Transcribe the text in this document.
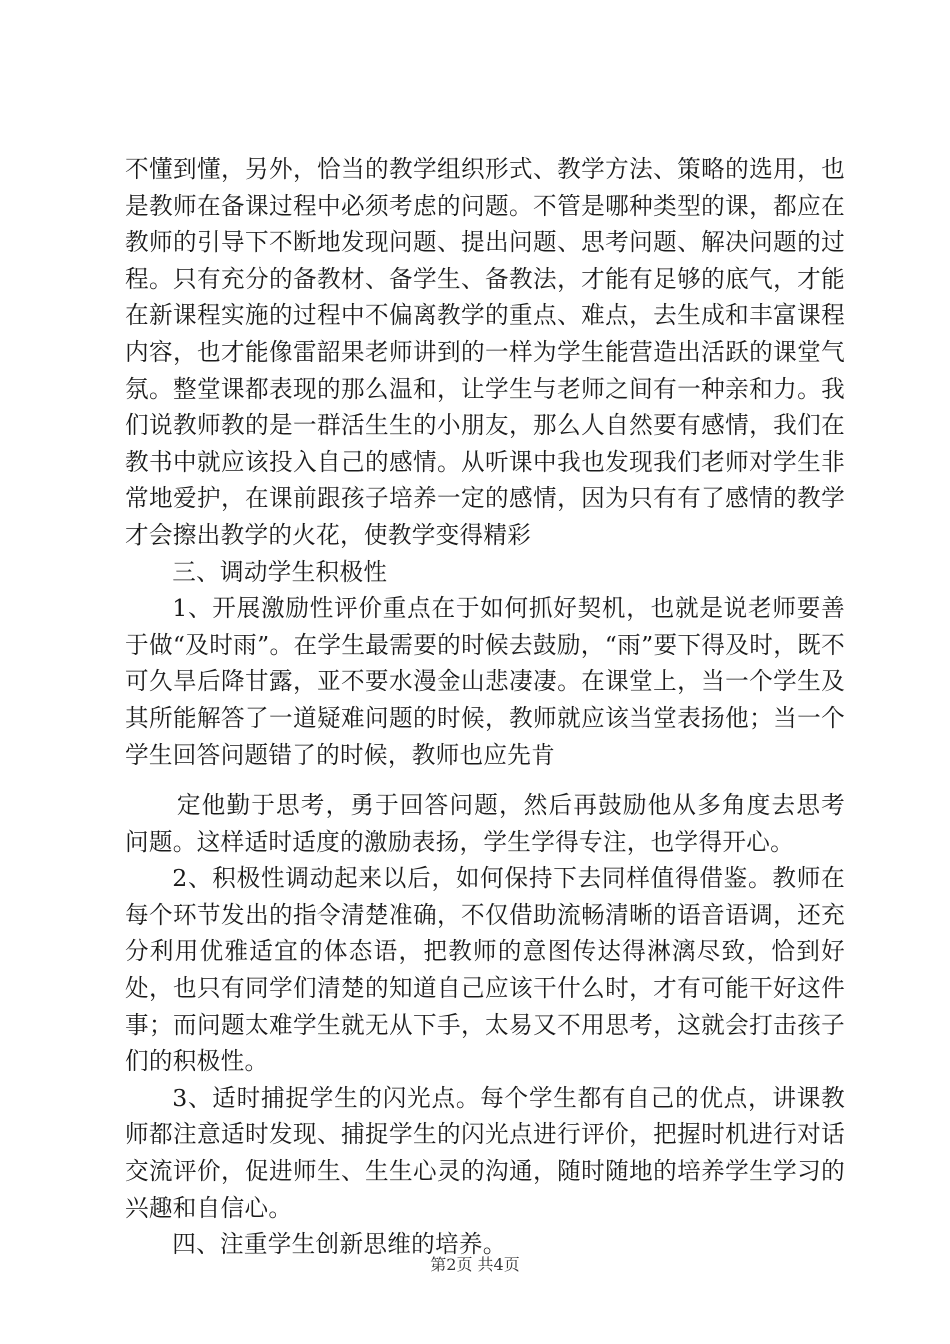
不懂到懂，另外，恰当的教学组织形式、教学方法、策略的选用，也是教师在备课过程中必须考虑的问题。不管是哪种类型的课，都应在教师的引导下不断地发现问题、提出问题、思考问题、解决问题的过程。只有充分的备教材、备学生、备教法，才能有足够的底气，才能在新课程实施的过程中不偏离教学的重点、难点，去生成和丰富课程内容，也才能像雷韶果老师讲到的一样为学生能营造出活跃的课堂气氛。整堂课都表现的那么温和，让学生与老师之间有一种亲和力。我们说教师教的是一群活生生的小朋友，那么人自然要有感情，我们在教书中就应该投入自己的感情。从听课中我也发现我们老师对学生非常地爱护，在课前跟孩子培养一定的感情，因为只有有了感情的教学才会擦出教学的火花，使教学变得精彩

三、调动学生积极性

1、开展激励性评价重点在于如何抓好契机，也就是说老师要善于做“及时雨”。在学生最需要的时候去鼓励，“雨”要下得及时，既不可久旱后降甘露，亚不要水漫金山悲凄凄。在课堂上，当一个学生及其所能解答了一道疑难问题的时候，教师就应该当堂表扬他；当一个学生回答问题错了的时候，教师也应先肯

定他勤于思考，勇于回答问题，然后再鼓励他从多角度去思考问题。这样适时适度的激励表扬，学生学得专注，也学得开心。

2、积极性调动起来以后，如何保持下去同样值得借鉴。教师在每个环节发出的指令清楚准确，不仅借助流畅清晰的语音语调，还充分利用优雅适宜的体态语，把教师的意图传达得淋漓尽致，恰到好处，也只有同学们清楚的知道自己应该干什么时，才有可能干好这件事；而问题太难学生就无从下手，太易又不用思考，这就会打击孩子们的积极性。

3、适时捕捉学生的闪光点。每个学生都有自己的优点，讲课教师都注意适时发现、捕捉学生的闪光点进行评价，把握时机进行对话交流评价，促进师生、生生心灵的沟通，随时随地的培养学生学习的兴趣和自信心。

四、注重学生创新思维的培养。

第2页 共4页
